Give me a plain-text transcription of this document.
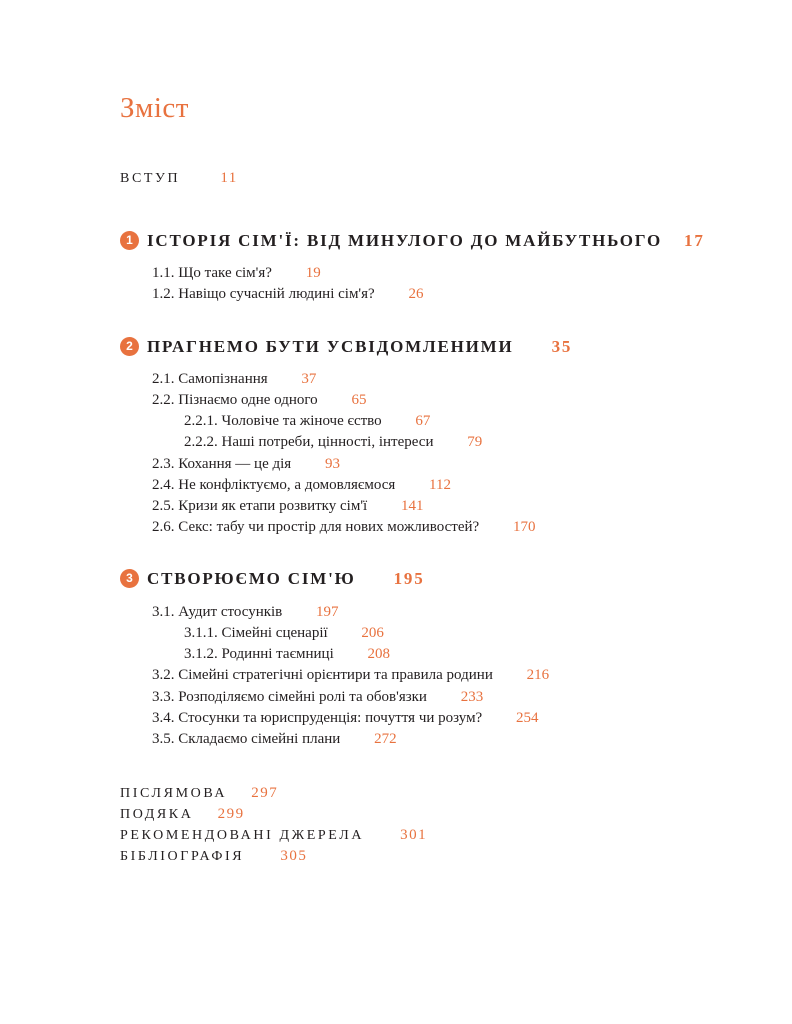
Зміст
ВСТУП	11
1 ІСТОРІЯ СІМ'Ї: ВІД МИНУЛОГО ДО МАЙБУТНЬОГО 17
1.1. Що таке сім'я? 19
1.2. Навіщо сучасній людині сім'я? 26
2 ПРАГНЕМО БУТИ УСВІДОМЛЕНИМИ 35
2.1. Самопізнання 37
2.2. Пізнаємо одне одного 65
2.2.1. Чоловіче та жіноче єство 67
2.2.2. Наші потреби, цінності, інтереси 79
2.3. Кохання — це дія 93
2.4. Не конфліктуємо, а домовляємося 112
2.5. Кризи як етапи розвитку сім'ї 141
2.6. Секс: табу чи простір для нових можливостей? 170
3 СТВОРЮЄМО СІМ'Ю 195
3.1. Аудит стосунків 197
3.1.1. Сімейні сценарії 206
3.1.2. Родинні таємниці 208
3.2. Сімейні стратегічні орієнтири та правила родини 216
3.3. Розподіляємо сімейні ролі та обов'язки 233
3.4. Стосунки та юриспруденція: почуття чи розум? 254
3.5. Складаємо сімейні плани 272
ПІСЛЯМОВА 297
ПОДЯКА 299
РЕКОМЕНДОВАНІ ДЖЕРЕЛА 301
БІБЛІОГРАФІЯ 305
